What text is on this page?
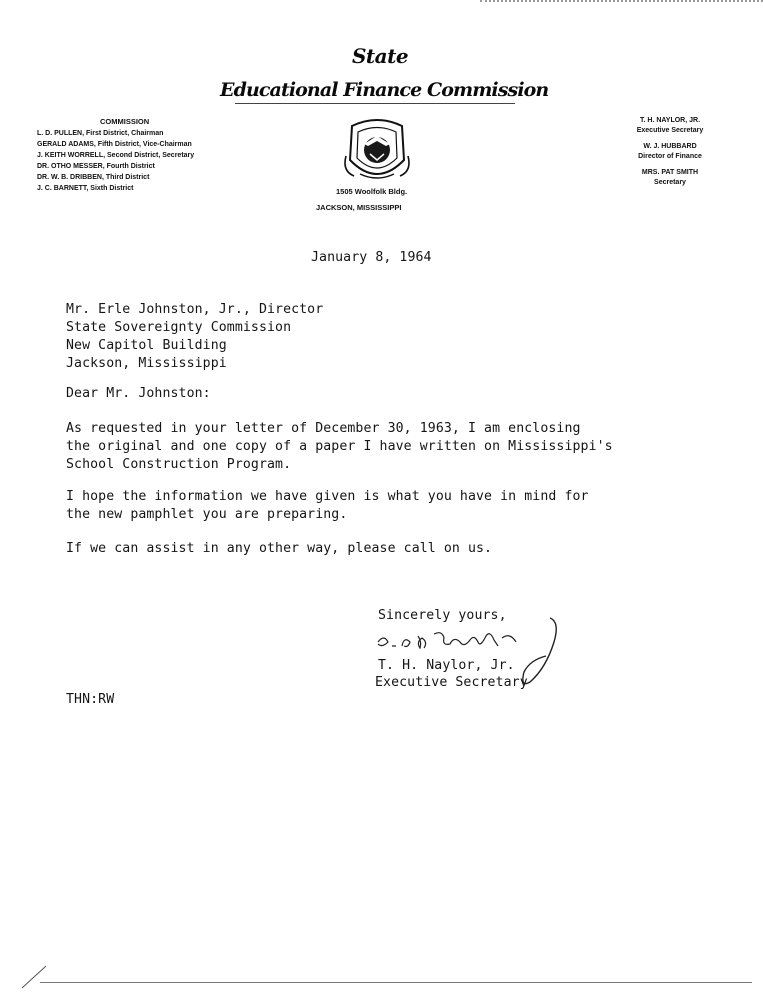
State
Educational Finance Commission
COMMISSION
L. D. PULLEN, First District, Chairman
GERALD ADAMS, Fifth District, Vice-Chairman
J. KEITH WORRELL, Second District, Secretary
DR. OTHO MESSER, Fourth District
DR. W. B. DRIBBEN, Third District
J. C. BARNETT, Sixth District	1505 Woolfolk Bldg.
JACKSON, MISSISSIPPI
T. H. NAYLOR, JR.
Executive Secretary
W. J. HUBBARD
Director of Finance
MRS. PAT SMITH
Secretary
January 8, 1964
Mr. Erle Johnston, Jr., Director
State Sovereignty Commission
New Capitol Building
Jackson, Mississippi
Dear Mr. Johnston:
As requested in your letter of December 30, 1963, I am enclosing
the original and one copy of a paper I have written on Mississippi's
School Construction Program.
I hope the information we have given is what you have in mind for
the new pamphlet you are preparing.
If we can assist in any other way, please call on us.
Sincerely yours,
T. H. Naylor, Jr.
Executive Secretary
THN:RW
